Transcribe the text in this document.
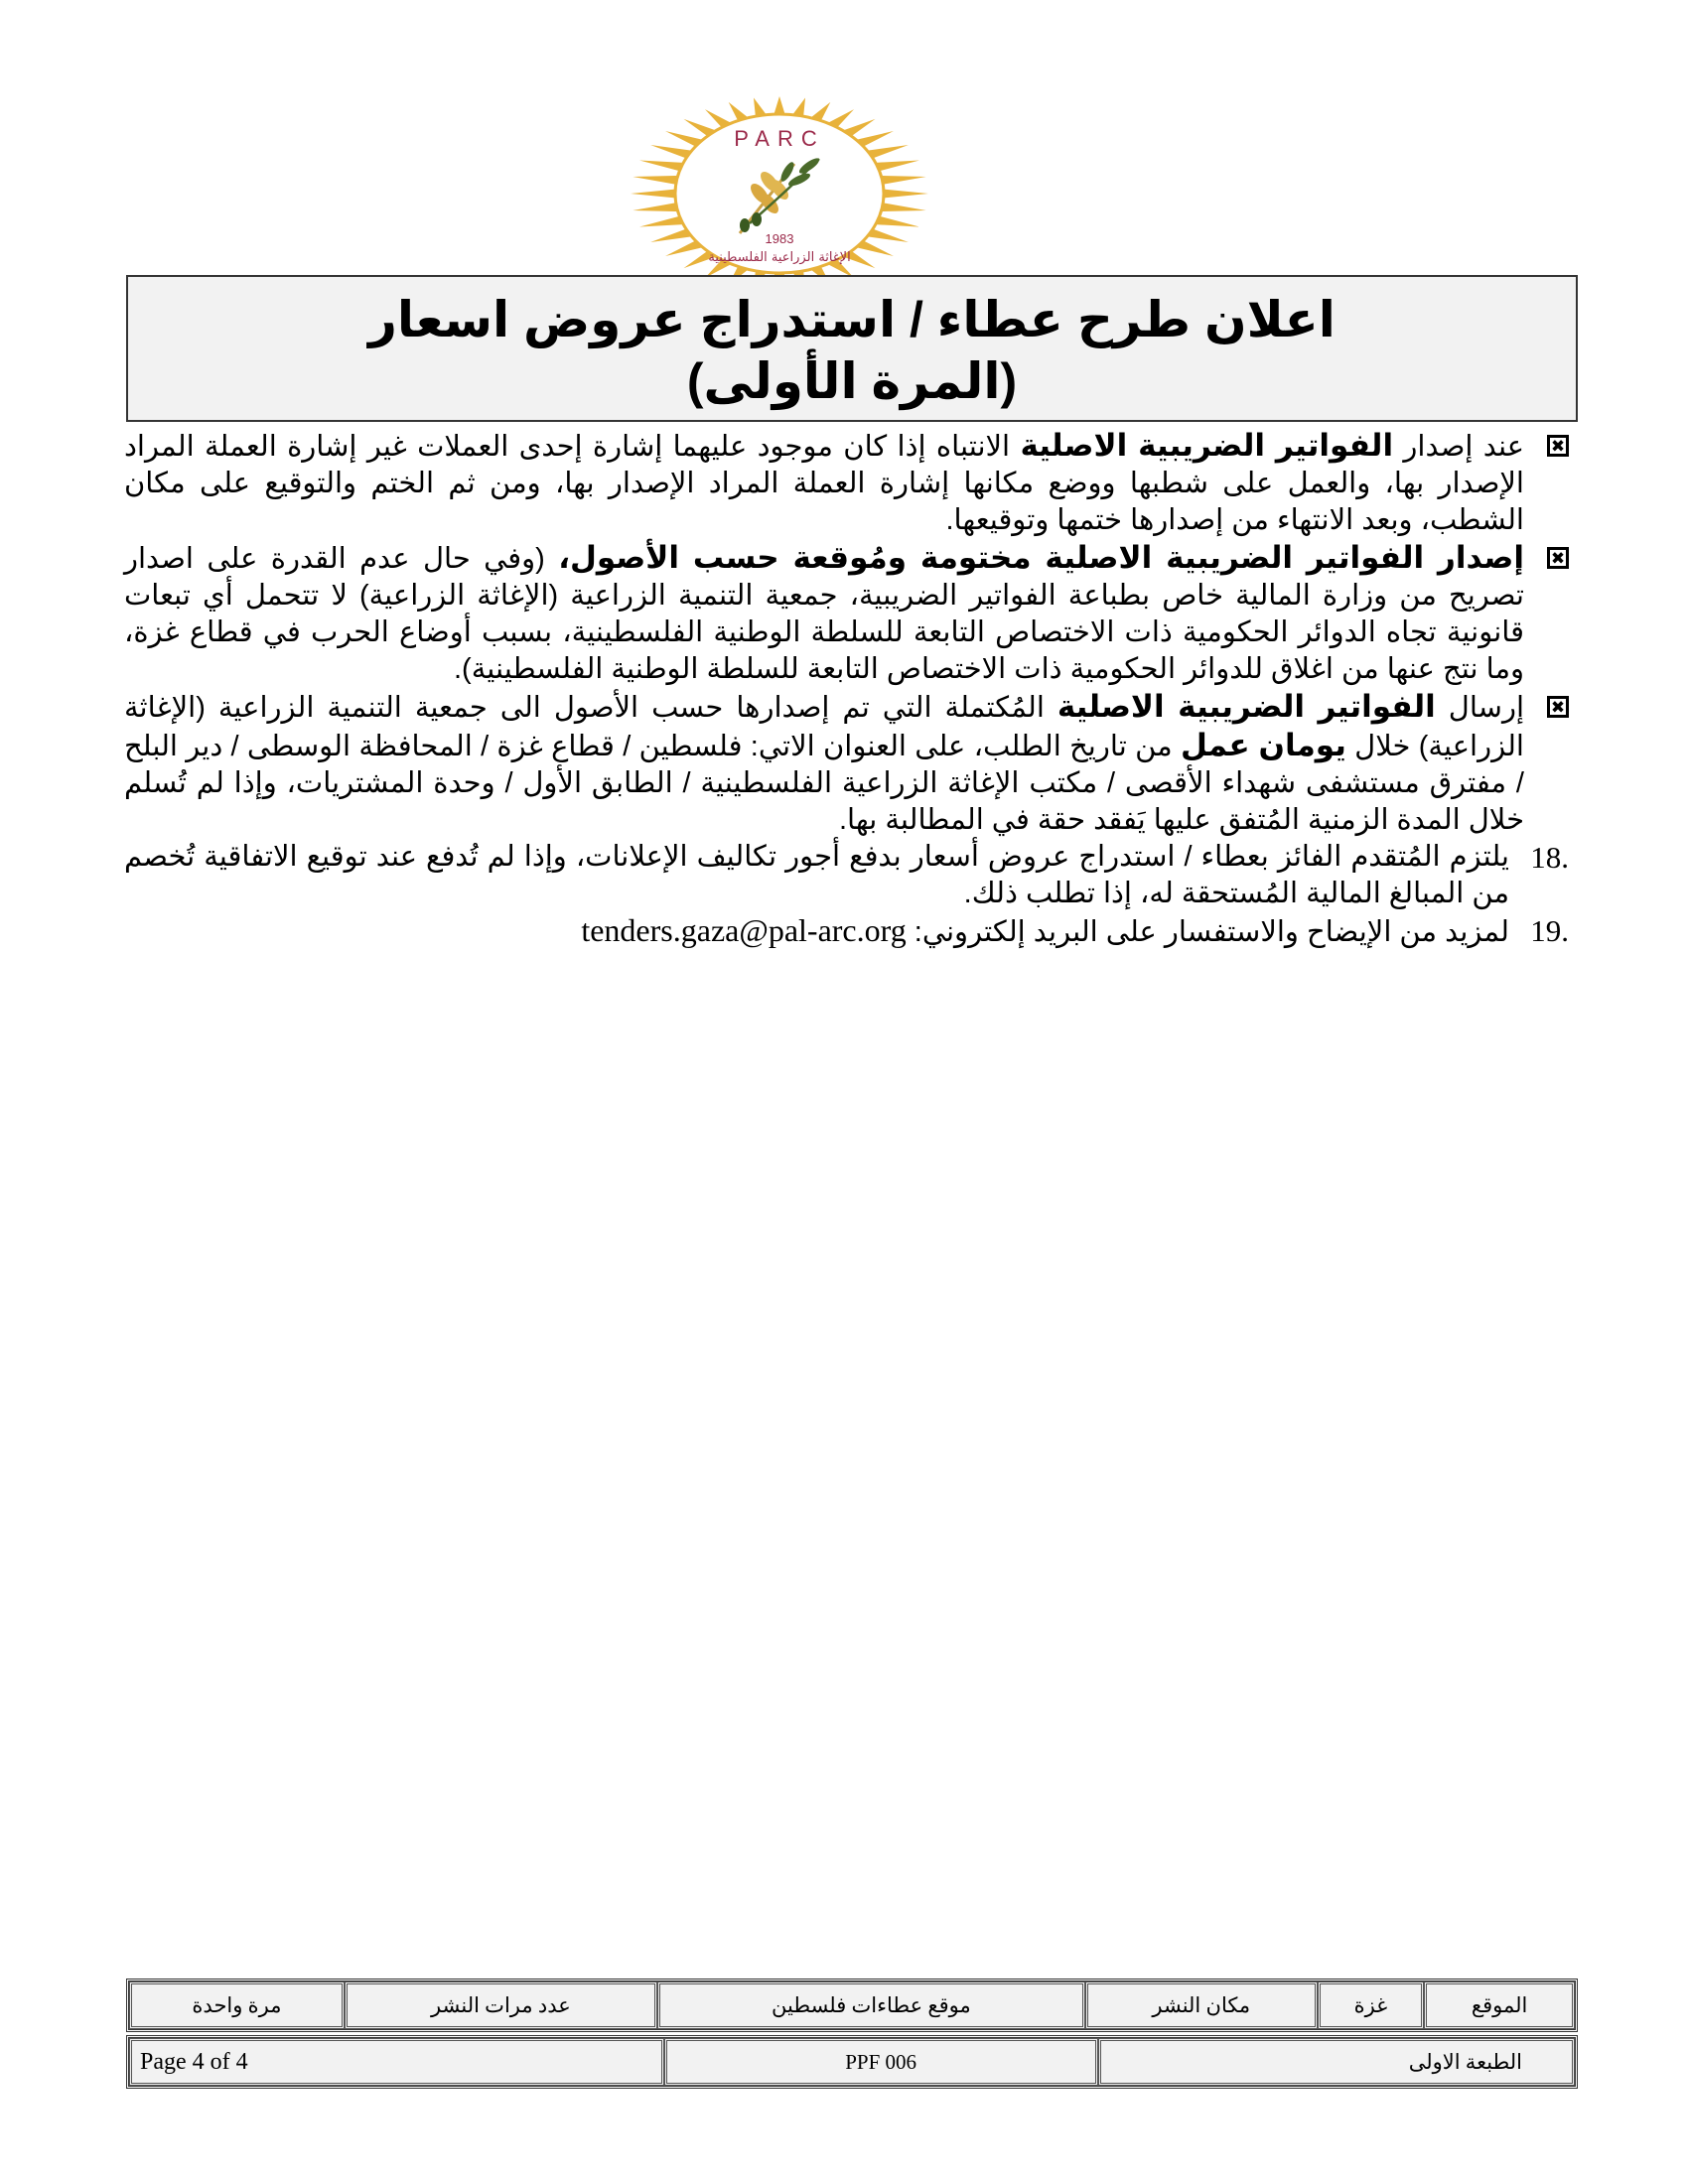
PARC
1983
الإغاثة الزراعية الفلسطينية
اعلان طرح عطاء / استدراج عروض اسعار
(المرة الأولى)
✖

عند إصدار الفواتير الضريبية الاصلية الانتباه إذا كان موجود عليهما إشارة إحدى العملات غير إشارة العملة المراد الإصدار بها، والعمل على شطبها ووضع مكانها إشارة العملة المراد الإصدار بها، ومن ثم الختم والتوقيع على مكان الشطب، وبعد الانتهاء من إصدارها ختمها وتوقيعها.

✖

إصدار الفواتير الضريبية الاصلية مختومة ومُوقعة حسب الأصول، (وفي حال عدم القدرة على اصدار تصريح من وزارة المالية خاص بطباعة الفواتير الضريبية، جمعية التنمية الزراعية (الإغاثة الزراعية) لا تتحمل أي تبعات قانونية تجاه الدوائر الحكومية ذات الاختصاص التابعة للسلطة الوطنية الفلسطينية، بسبب أوضاع الحرب في قطاع غزة، وما نتج عنها من اغلاق للدوائر الحكومية ذات الاختصاص التابعة للسلطة الوطنية الفلسطينية).

✖

إرسال الفواتير الضريبية الاصلية المُكتملة التي تم إصدارها حسب الأصول الى جمعية التنمية الزراعية (الإغاثة الزراعية) خلال يومان عمل من تاريخ الطلب، على العنوان الاتي: فلسطين / قطاع غزة / المحافظة الوسطى / دير البلح / مفترق مستشفى شهداء الأقصى / مكتب الإغاثة الزراعية الفلسطينية / الطابق الأول / وحدة المشتريات، وإذا لم تُسلم خلال المدة الزمنية المُتفق عليها يَفقد حقة في المطالبة بها.

18.

يلتزم المُتقدم الفائز بعطاء / استدراج عروض أسعار بدفع أجور تكاليف الإعلانات، وإذا لم تُدفع عند توقيع الاتفاقية تُخصم من المبالغ المالية المُستحقة له، إذا تطلب ذلك.

19.

لمزيد من الإيضاح والاستفسار على البريد إلكتروني: tenders.gaza@pal-arc.org

الموقع	غزة	مكان النشر	موقع عطاءات فلسطين	عدد مرات النشر	مرة واحدة
الطبعة الاولى	PPF 006	Page 4 of 4
